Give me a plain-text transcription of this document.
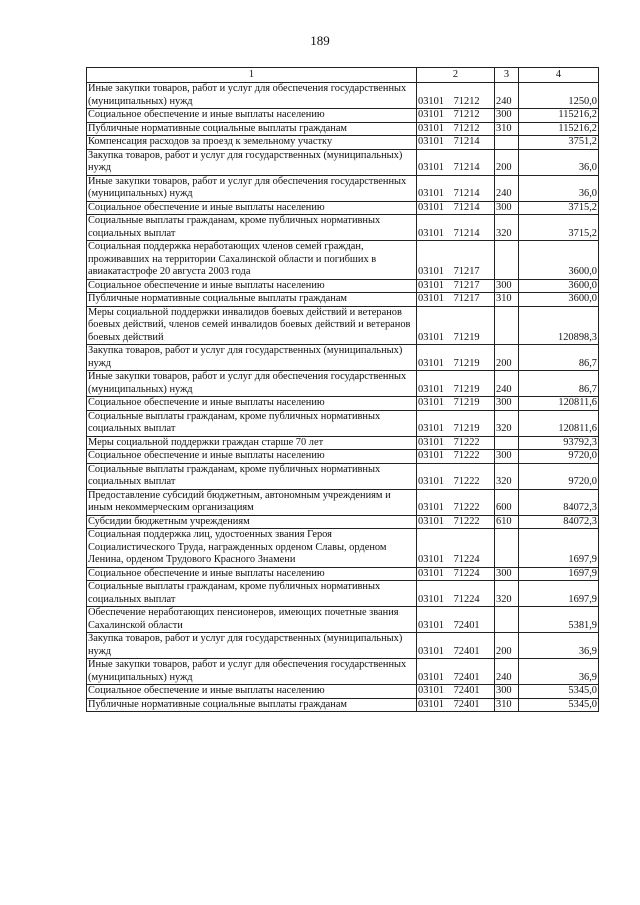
189
1	2	3	4
Иные закупки товаров, работ и услуг для обеспечения государственных (муниципальных) нужд	03101 71212	240	1250,0
Социальное обеспечение и иные выплаты населению	03101 71212	300	115216,2
Публичные нормативные социальные выплаты гражданам	03101 71212	310	115216,2
Компенсация расходов за проезд к земельному участку	03101 71214		3751,2
Закупка товаров, работ и услуг для государственных (муниципальных) нужд	03101 71214	200	36,0
Иные закупки товаров, работ и услуг для обеспечения государственных (муниципальных) нужд	03101 71214	240	36,0
Социальное обеспечение и иные выплаты населению	03101 71214	300	3715,2
Социальные выплаты гражданам, кроме публичных нормативных социальных выплат	03101 71214	320	3715,2
Социальная поддержка неработающих членов семей граждан, проживавших на территории Сахалинской области и погибших в авиакатастрофе 20 августа 2003 года	03101 71217		3600,0
Социальное обеспечение и иные выплаты населению	03101 71217	300	3600,0
Публичные нормативные социальные выплаты гражданам	03101 71217	310	3600,0
Меры социальной поддержки инвалидов боевых действий и ветеранов боевых действий, членов семей инвалидов боевых действий и ветеранов боевых действий	03101 71219		120898,3
Закупка товаров, работ и услуг для государственных (муниципальных) нужд	03101 71219	200	86,7
Иные закупки товаров, работ и услуг для обеспечения государственных (муниципальных) нужд	03101 71219	240	86,7
Социальное обеспечение и иные выплаты населению	03101 71219	300	120811,6
Социальные выплаты гражданам, кроме публичных нормативных социальных выплат	03101 71219	320	120811,6
Меры социальной поддержки граждан старше 70 лет	03101 71222		93792,3
Социальное обеспечение и иные выплаты населению	03101 71222	300	9720,0
Социальные выплаты гражданам, кроме публичных нормативных социальных выплат	03101 71222	320	9720,0
Предоставление субсидий бюджетным, автономным учреждениям и иным некоммерческим организациям	03101 71222	600	84072,3
Субсидии бюджетным учреждениям	03101 71222	610	84072,3
Социальная поддержка лиц, удостоенных звания Героя Социалистического Труда, награжденных орденом Славы, орденом Ленина, орденом Трудового Красного Знамени	03101 71224		1697,9
Социальное обеспечение и иные выплаты населению	03101 71224	300	1697,9
Социальные выплаты гражданам, кроме публичных нормативных социальных выплат	03101 71224	320	1697,9
Обеспечение неработающих пенсионеров, имеющих почетные звания Сахалинской области	03101 72401		5381,9
Закупка товаров, работ и услуг для государственных (муниципальных) нужд	03101 72401	200	36,9
Иные закупки товаров, работ и услуг для обеспечения государственных (муниципальных) нужд	03101 72401	240	36,9
Социальное обеспечение и иные выплаты населению	03101 72401	300	5345,0
Публичные нормативные социальные выплаты гражданам	03101 72401	310	5345,0
